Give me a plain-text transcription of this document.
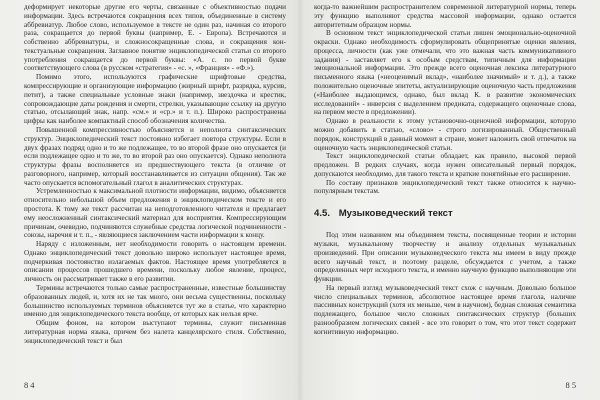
деформирует некоторые другие его черты, связанные с объективностью подачи информации. Здесь встречаются сокращения всех типов, объединенные в систему аббревиатур. Любое слово, используемое в тексте не один раз, начиная со второго раза, сокращается до первой буквы (например, Е. - Европа). Встречаются и собственно аббревиатуры, и сложносокращенные слова, и сокращения контекстуальные сокращения. Заглавное понятие энциклопедической статьи со второго употребления сокращается до первой буквы: «А. с. по первой букве соответствующего слова (в русском «стратегия» - «с. », «Франция» - «Ф.»).

Помимо этого, используются графические шрифтовые средства, компрессирующие и организующие информацию (жирный шрифт, разрядка, курсив, петит), а также специальные условные знаки (например, звездочка и крестик, сопровождающие даты рождения и смерти, стрелки, указывающие ссылку на другую статью, отсылающий знак, напр. «см.» и «ср.» и т. п.). Широко распространены цифры как наиболее компактный способ обозначения количества.

Повышенной компрессивностью объясняется и неполнота синтаксических структур. Энциклопедический текст постоянно избегает повтора структуры. Если в двух фразах подряд одно и то же подлежащее, то во второй фразе оно опускается (и если подлежащее одно и то же, то во второй раз оно опускается). Однако неполнота структуры фразы восполняется из предшествующего текста (в отличие от разговорного, например, который восстанавливается из ситуации общения). Так же часто опускается вспомогательный глагол в аналитических структурах.

Устремленностью к максимальной плотности информации, видимо, объясняется относительно небольшой объем предложения в энциклопедическом тексте и его простота. К тому же текст рассчитан на неподготовленного читателя и предлагает ему неосложненный синтаксический материал для восприятия. Компрессирующим причинам, очевидно, подчиняются служебные средства логической подчиненности - союзы, наречия и т. п., - являющиеся заключением части информации к концу.

Наряду с изложенным, нет необходимости говорить о настоящем времени. Однако энциклопедический текст довольно широко использует настоящее время, подчеркивая постоянство излагаемых фактов. Настоящее время употребляется в описании процессов прошедшего времени, поскольку любое явление, процесс, личность он рассматривает также в его развитии.

Термины встречаются только самые распространенные, известные большинству образованных людей, и, хотя их не так много, они весьма существенны, поскольку большинство используемых терминов объясняется тут же в статье, что характерно именно для энциклопедического текста вообще, от которых как нельзя ярче.

Общим фоном, на котором выступают термины, служит письменная литературная норма языка, причем без налета канцелярского стиля. Собственно, энциклопедический текст и был

8 4

когда-то важнейшим распространителем современной литературной нормы, теперь эту функцию выполняют средства массовой информации, однако остается авторитетным образцом нормы.

В основном текст энциклопедической статьи лишен эмоционально-оценочной окраски. Однако необходимость сформулировать общепринятые оценки явления, процесса, личности (как уже отмечали, что это важная часть коммуникативного задания) - заставляет его к особым средствам, типичным для информации эмоциональной информации. Это прежде всего оценочная лексика литературного письменного языка («неоценимый вклад», «наиболее значимый» и т. д.), а также положительно оценочные эпитеты, актуализирующие оценочную часть предложения («Наиболее выдающимся, однако, был вклад К. в развитие экономических исследований» - инверсия с выделением предиката, содержащего оценочные слова, на первом месте в предложении).

Однако в реальности к этому установочно-оценочной информации, которую можно добавить в статью, «слово» - строго логизированный. Общественный порядок, конструкций в данный момент в стране, может наложить свой отпечаток на оценочную часть энциклопедической статьи.

Текст энциклопедической статьи обладает, как правило, высокой первой предложен. В редких случаях, когда нужен описательный первый порядок, допускаются необходимо, для такого текста и краткие понятийные его расширение.

По составу признаков энциклопедический текст также относится к научно-популярным текстам.

4.5. Музыковедческий текст

Под этим названием мы объединяем тексты, посвященные теории и истории музыки, музыкальному творчеству и анализу отдельных музыкальных произведений. При описании музыковедческого текста мы имеем в виду прежде всего научный текст, и поэтому разделе, обсуждается с учетом, а также определенных черт исходного текста, и именно научную функцию выполняющие эти функции.

На первый взгляд музыковедческий текст схож с научным. Довольно большое число специальных терминов, абсолютное настоящее время глагола, наличие пассивных конструкций (хотя их меньше, чем в научном), бедная сложная семантика подлежащего, большое число сложных синтаксических структур (больших разнообразием логических связей - все это говорит о том, что этот текст содержит когнитивную информацию.

8 5
